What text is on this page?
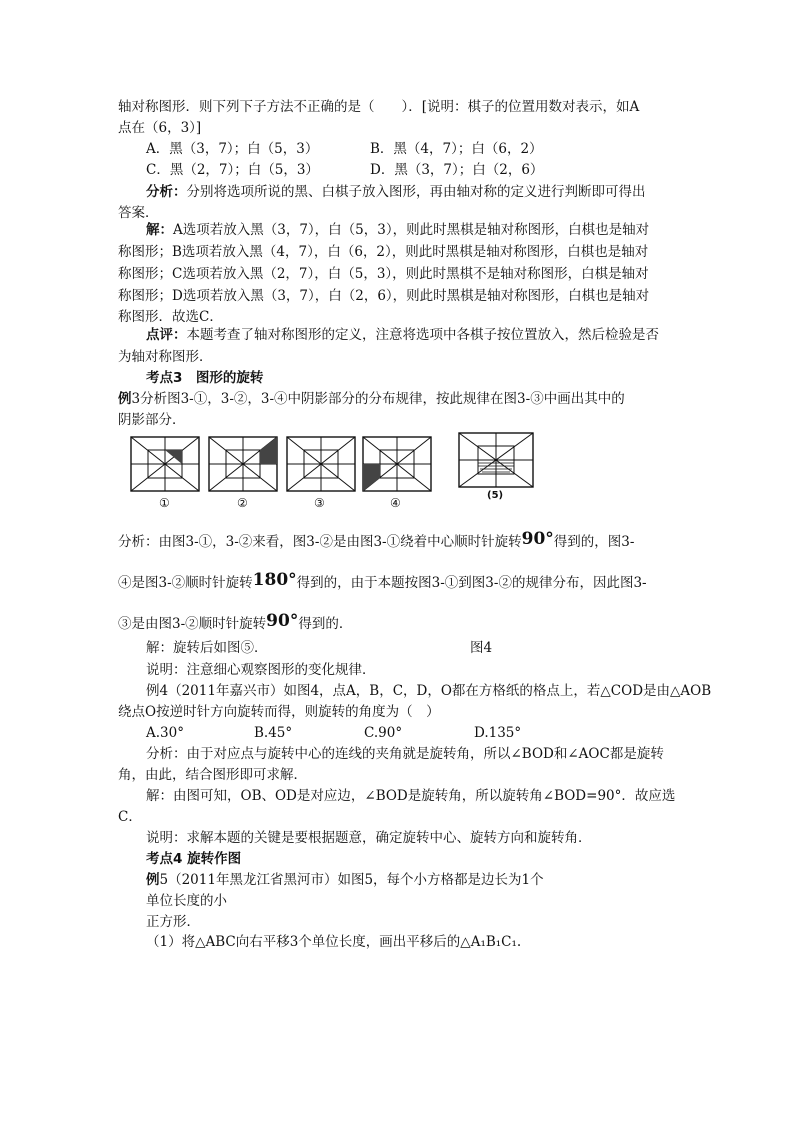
轴对称图形．则下列下子方法不正确的是（　　）．[说明：棋子的位置用数对表示，如A
点在（6，3）]
A．黑（3，7）；白（5，3）	B．黑（4，7）；白（6，2）
C．黑（2，7）；白（5，3）	D．黑（3，7）；白（2，6）
分析：分别将选项所说的黑、白棋子放入图形，再由轴对称的定义进行判断即可得出
答案．
解：A选项若放入黑（3，7），白（5，3），则此时黑棋是轴对称图形，白棋也是轴对
称图形；B选项若放入黑（4，7），白（6，2），则此时黑棋是轴对称图形，白棋也是轴对
称图形；C选项若放入黑（2，7），白（5，3），则此时黑棋不是轴对称图形，白棋是轴对
称图形；D选项若放入黑（3，7），白（2，6），则此时黑棋是轴对称图形，白棋也是轴对
称图形．故选C．
点评：本题考查了轴对称图形的定义，注意将选项中各棋子按位置放入，然后检验是否
为轴对称图形．
考点3　图形的旋转
例3分析图3-①，3-②，3-④中阴影部分的分布规律，按此规律在图3-③中画出其中的
阴影部分．
①	②	③	④
(5)
分析：由图3-①，3-②来看，图3-②是由图3-①绕着中心顺时针旋转90°得到的，图3-
④是图3-②顺时针旋转180°得到的，由于本题按图3-①到图3-②的规律分布，因此图3-
③是由图3-②顺时针旋转90°得到的．
解：旋转后如图⑤．	图4
说明：注意细心观察图形的变化规律．
例4（2011年嘉兴市）如图4，点A，B，C，D，O都在方格纸的格点上，若△COD是由△AOB
绕点O按逆时针方向旋转而得，则旋转的角度为（　）
A.30°	B.45°	C.90°	D.135°
分析：由于对应点与旋转中心的连线的夹角就是旋转角，所以∠BOD和∠AOC都是旋转
角，由此，结合图形即可求解．
解：由图可知，OB、OD是对应边，∠BOD是旋转角，所以旋转角∠BOD=90°．故应选
C．
说明：求解本题的关键是要根据题意，确定旋转中心、旋转方向和旋转角．
考点4 旋转作图
例5（2011年黑龙江省黑河市）如图5，每个小方格都是边长为1个
单位长度的小
正方形．
（1）将△ABC向右平移3个单位长度，画出平移后的△A₁B₁C₁.
